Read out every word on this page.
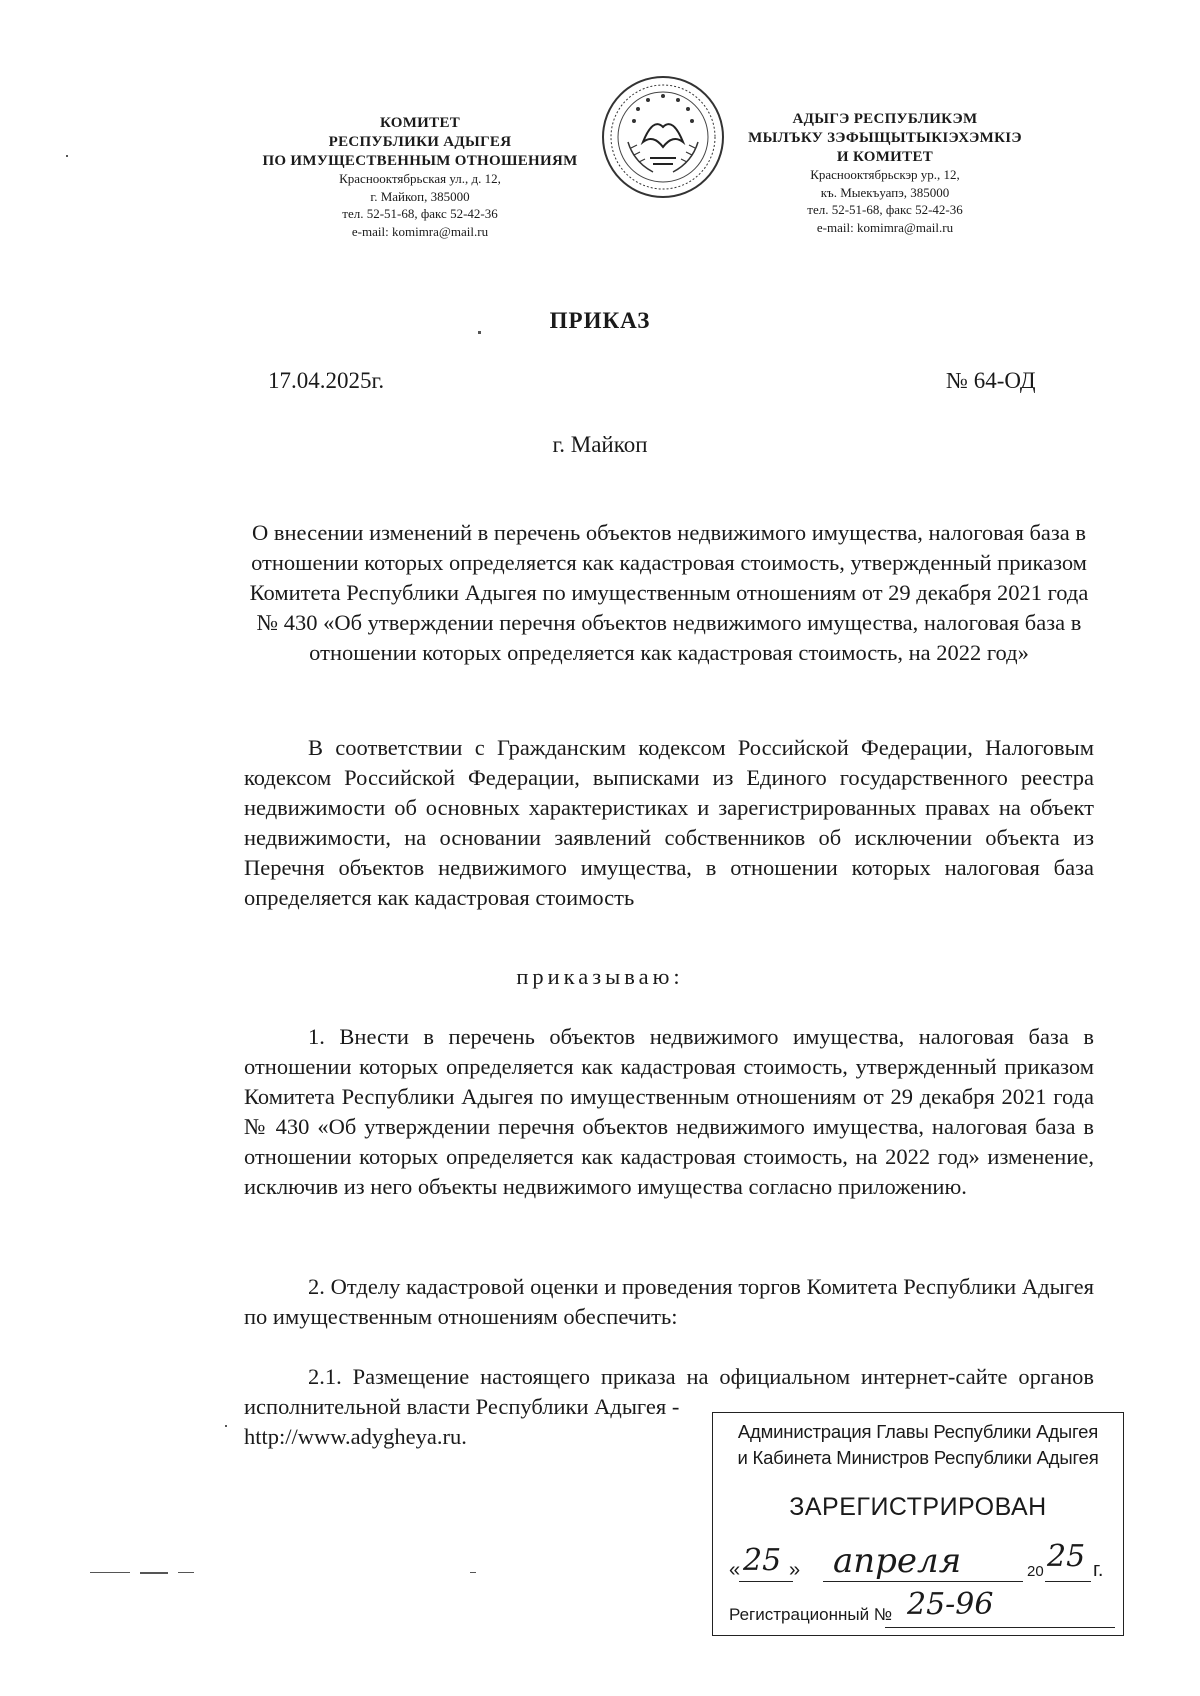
КОМИТЕТ
РЕСПУБЛИКИ АДЫГЕЯ
ПО ИМУЩЕСТВЕННЫМ ОТНОШЕНИЯМ
Краснооктябрьская ул., д. 12,
г. Майкоп, 385000
тел. 52-51-68, факс 52-42-36
e-mail: komimra@mail.ru
АДЫГЭ РЕСПУБЛИКЭМ
МЫЛЪКУ ЗЭФЫЩЫТЫКIЭХЭМКIЭ
И КОМИТЕТ
Краснооктябрьскэр ур., 12,
къ. Мыекъуапэ, 385000
тел. 52-51-68, факс 52-42-36
e-mail: komimra@mail.ru
ПРИКАЗ
17.04.2025г.	№ 64-ОД
г. Майкоп
О внесении изменений в перечень объектов недвижимого имущества, налоговая база в отношении которых определяется как кадастровая стоимость, утвержденный приказом Комитета Республики Адыгея по имущественным отношениям от 29 декабря 2021 года № 430 «Об утверждении перечня объектов недвижимого имущества, налоговая база в отношении которых определяется как кадастровая стоимость, на 2022 год»

В соответствии с Гражданским кодексом Российской Федерации, Налоговым кодексом Российской Федерации, выписками из Единого государственного реестра недвижимости об основных характеристиках и зарегистрированных правах на объект недвижимости, на основании заявлений собственников об исключении объекта из Перечня объектов недвижимого имущества, в отношении которых налоговая база определяется как кадастровая стоимость

приказываю:

1. Внести в перечень объектов недвижимого имущества, налоговая база в отношении которых определяется как кадастровая стоимость, утвержденный приказом Комитета Республики Адыгея по имущественным отношениям от 29 декабря 2021 года № 430 «Об утверждении перечня объектов недвижимого имущества, налоговая база в отношении которых определяется как кадастровая стоимость, на 2022 год» изменение, исключив из него объекты недвижимого имущества согласно приложению.

2. Отделу кадастровой оценки и проведения торгов Комитета Республики Адыгея по имущественным отношениям обеспечить:

2.1. Размещение настоящего приказа на официальном интернет-сайте органов исполнительной власти Республики Адыгея -

http://www.adygheya.ru.	Администрация Главы Республики Адыгея
и Кабинета Министров Республики Адыгея
ЗАРЕГИСТРИРОВАН
« 25 » апреля	20 25 г.
Регистрационный № 25-96
